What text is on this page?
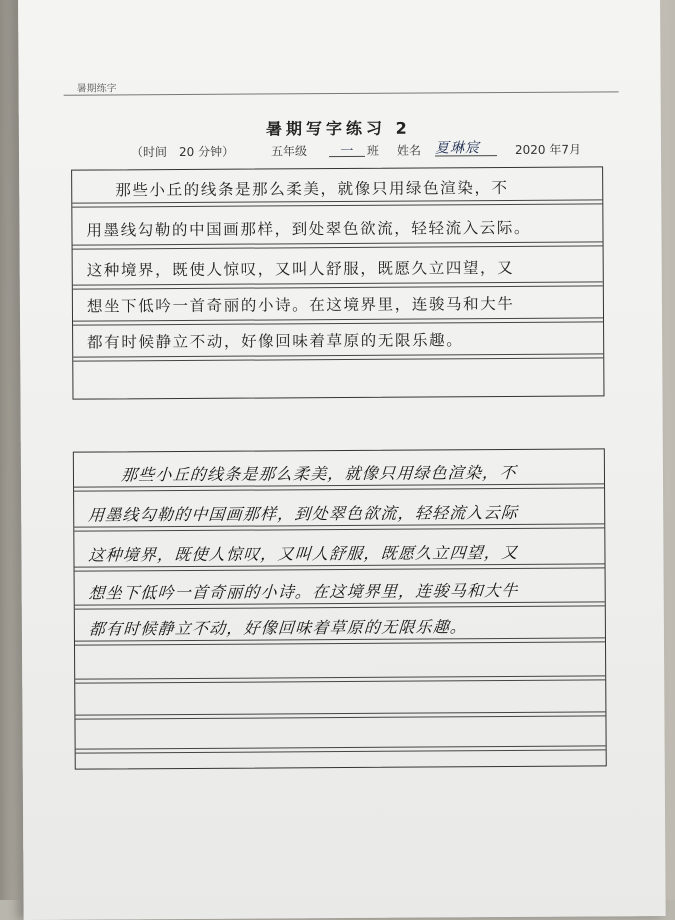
暑期练字
暑期写字练习 2
（时间　20 分钟）	五年级	一	班 姓名 夏琳宸	2020 年7月
　那些小丘的线条是那么柔美，就像只用绿色渲染，不
用墨线勾勒的中国画那样，到处翠色欲流，轻轻流入云际。
这种境界，既使人惊叹，又叫人舒服，既愿久立四望，又
想坐下低吟一首奇丽的小诗。在这境界里，连骏马和大牛
都有时候静立不动，好像回味着草原的无限乐趣。
　那些小丘的线条是那么柔美，就像只用绿色渲染，不
用墨线勾勒的中国画那样，到处翠色欲流，轻轻流入云际
这种境界，既使人惊叹，又叫人舒服，既愿久立四望，又
想坐下低吟一首奇丽的小诗。在这境界里，连骏马和大牛
都有时候静立不动，好像回味着草原的无限乐趣。
